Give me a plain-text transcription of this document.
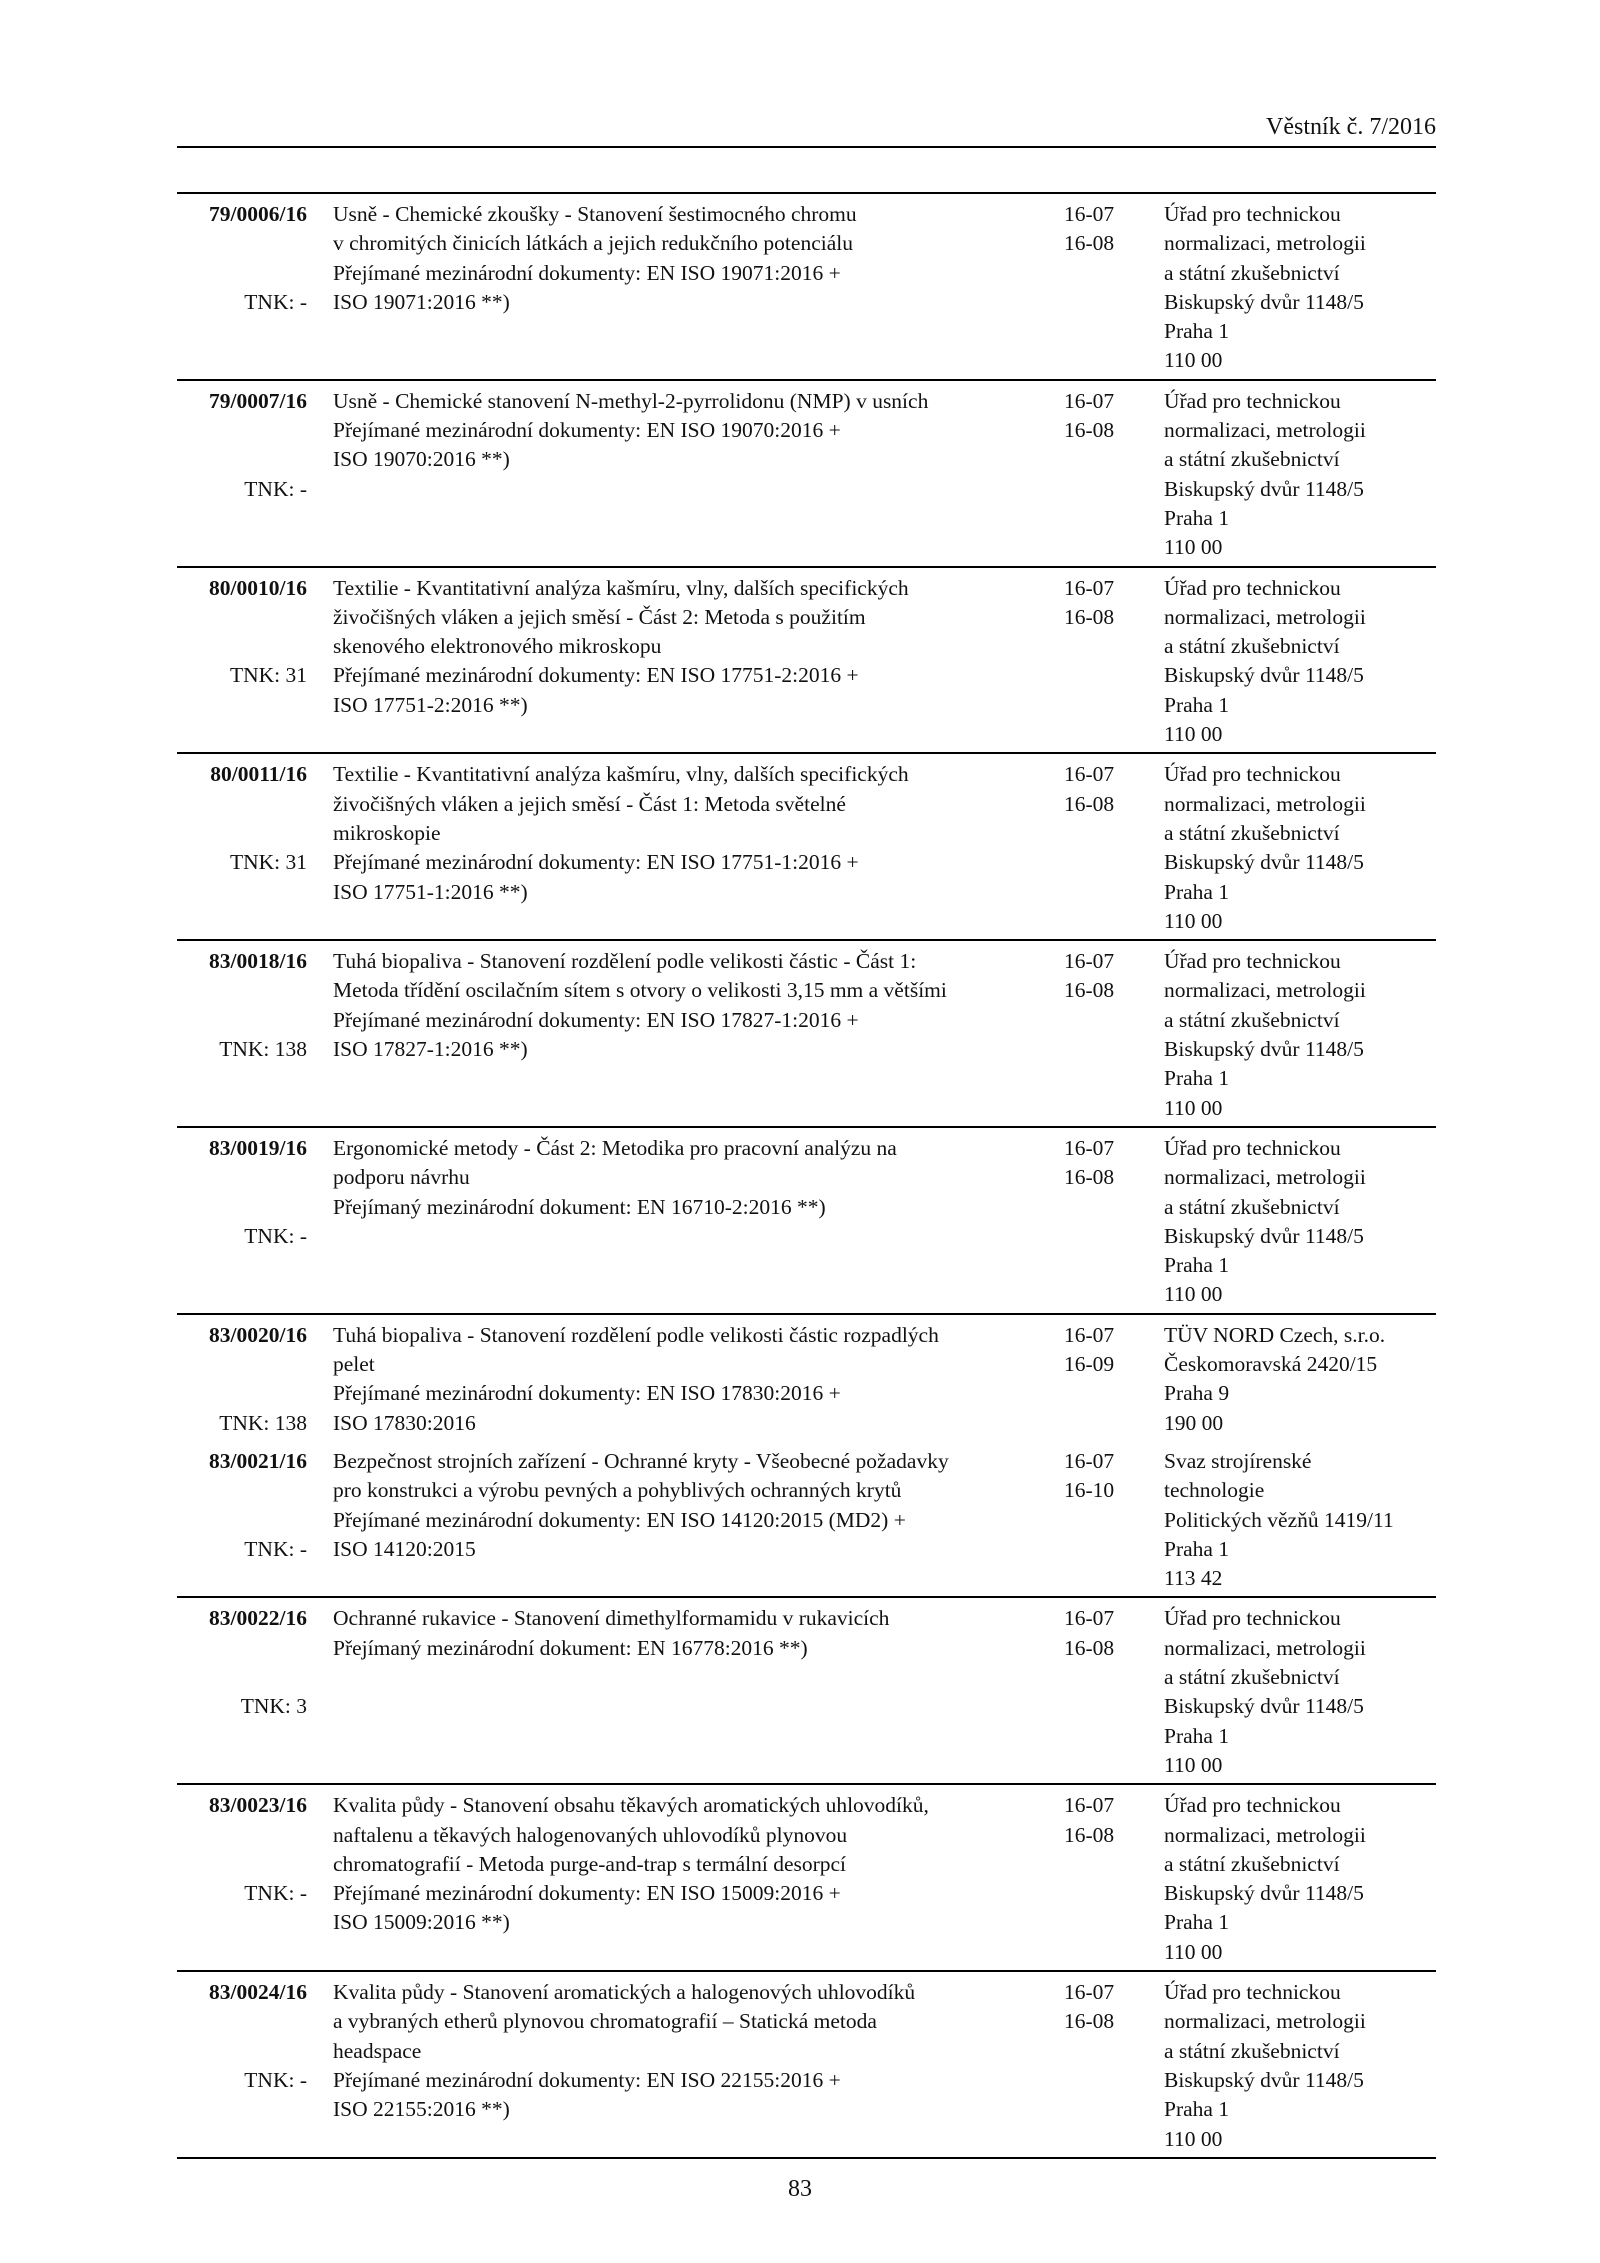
Věstník č. 7/2016
79/0006/16
TNK: -
Usně - Chemické zkoušky - Stanovení šestimocného chromu
v chromitých činicích látkách a jejich redukčního potenciálu
Přejímané mezinárodní dokumenty: EN ISO 19071:2016 +
ISO 19071:2016 **)
16-07
16-08
Úřad pro technickou
normalizaci, metrologii
a státní zkušebnictví
Biskupský dvůr 1148/5
Praha 1
110 00
79/0007/16
TNK: -
Usně - Chemické stanovení N-methyl-2-pyrrolidonu (NMP) v usních
Přejímané mezinárodní dokumenty: EN ISO 19070:2016 +
ISO 19070:2016 **)
16-07
16-08
Úřad pro technickou
normalizaci, metrologii
a státní zkušebnictví
Biskupský dvůr 1148/5
Praha 1
110 00
80/0010/16
TNK: 31
Textilie - Kvantitativní analýza kašmíru, vlny, dalších specifických
živočišných vláken a jejich směsí - Část 2: Metoda s použitím
skenového elektronového mikroskopu
Přejímané mezinárodní dokumenty: EN ISO 17751-2:2016 +
ISO 17751-2:2016 **)
16-07
16-08
Úřad pro technickou
normalizaci, metrologii
a státní zkušebnictví
Biskupský dvůr 1148/5
Praha 1
110 00
80/0011/16
TNK: 31
Textilie - Kvantitativní analýza kašmíru, vlny, dalších specifických
živočišných vláken a jejich směsí - Část 1: Metoda světelné
mikroskopie
Přejímané mezinárodní dokumenty: EN ISO 17751-1:2016 +
ISO 17751-1:2016 **)
16-07
16-08
Úřad pro technickou
normalizaci, metrologii
a státní zkušebnictví
Biskupský dvůr 1148/5
Praha 1
110 00
83/0018/16
TNK: 138
Tuhá biopaliva - Stanovení rozdělení podle velikosti částic - Část 1:
Metoda třídění oscilačním sítem s otvory o velikosti 3,15 mm a většími
Přejímané mezinárodní dokumenty: EN ISO 17827-1:2016 +
ISO 17827-1:2016 **)
16-07
16-08
Úřad pro technickou
normalizaci, metrologii
a státní zkušebnictví
Biskupský dvůr 1148/5
Praha 1
110 00
83/0019/16
TNK: -
Ergonomické metody - Část 2: Metodika pro pracovní analýzu na
podporu návrhu
Přejímaný mezinárodní dokument: EN 16710-2:2016 **)
16-07
16-08
Úřad pro technickou
normalizaci, metrologii
a státní zkušebnictví
Biskupský dvůr 1148/5
Praha 1
110 00
83/0020/16
TNK: 138
Tuhá biopaliva - Stanovení rozdělení podle velikosti částic rozpadlých
pelet
Přejímané mezinárodní dokumenty: EN ISO 17830:2016 +
ISO 17830:2016
16-07
16-09
TÜV NORD Czech, s.r.o.
Českomoravská 2420/15
Praha 9
190 00
83/0021/16
TNK: -
Bezpečnost strojních zařízení - Ochranné kryty - Všeobecné požadavky
pro konstrukci a výrobu pevných a pohyblivých ochranných krytů
Přejímané mezinárodní dokumenty: EN ISO 14120:2015 (MD2) +
ISO 14120:2015
16-07
16-10
Svaz strojírenské
technologie
Politických vězňů 1419/11
Praha 1
113 42
83/0022/16
TNK: 3
Ochranné rukavice - Stanovení dimethylformamidu v rukavicích
Přejímaný mezinárodní dokument: EN 16778:2016 **)
16-07
16-08
Úřad pro technickou
normalizaci, metrologii
a státní zkušebnictví
Biskupský dvůr 1148/5
Praha 1
110 00
83/0023/16
TNK: -
Kvalita půdy - Stanovení obsahu těkavých aromatických uhlovodíků,
naftalenu a těkavých halogenovaných uhlovodíků plynovou
chromatografií - Metoda purge-and-trap s termální desorpcí
Přejímané mezinárodní dokumenty: EN ISO 15009:2016 +
ISO 15009:2016 **)
16-07
16-08
Úřad pro technickou
normalizaci, metrologii
a státní zkušebnictví
Biskupský dvůr 1148/5
Praha 1
110 00
83/0024/16
TNK: -
Kvalita půdy - Stanovení aromatických a halogenových uhlovodíků
a vybraných etherů plynovou chromatografií – Statická metoda
headspace
Přejímané mezinárodní dokumenty: EN ISO 22155:2016 +
ISO 22155:2016 **)
16-07
16-08
Úřad pro technickou
normalizaci, metrologii
a státní zkušebnictví
Biskupský dvůr 1148/5
Praha 1
110 00
83
